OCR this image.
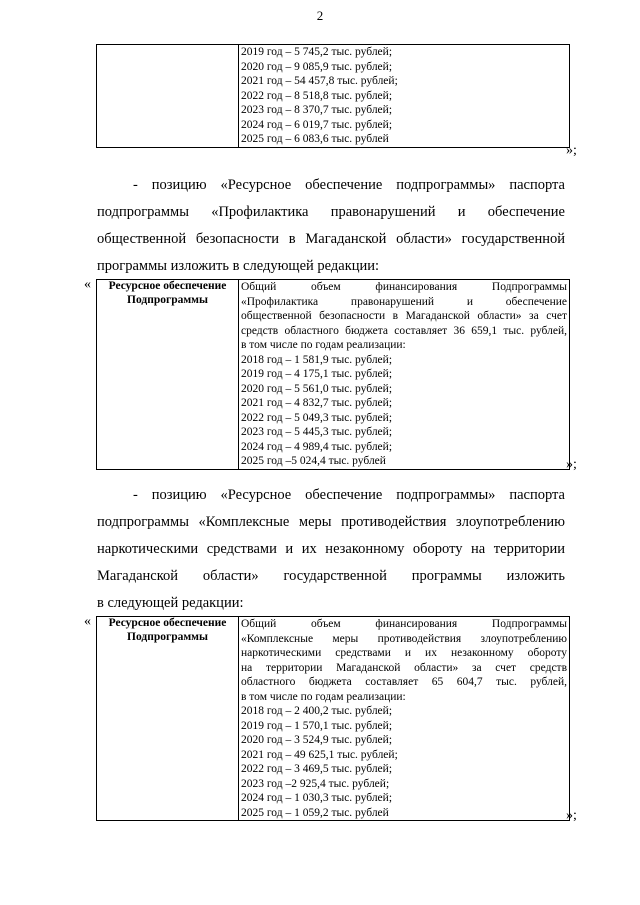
2

2019 год – 5 745,2 тыс. рублей;
2020 год – 9 085,9 тыс. рублей;
2021 год – 54 457,8 тыс. рублей;
2022 год – 8 518,8 тыс. рублей;
2023 год – 8 370,7 тыс. рублей;
2024 год – 6 019,7 тыс. рублей;
2025 год – 6 083,6 тыс. рублей
»;
- позицию «Ресурсное обеспечение подпрограммы» паспорта
подпрограммы «Профилактика правонарушений и обеспечение
общественной безопасности в Магаданской области» государственной
программы изложить в следующей редакции:
«	Ресурсное обеспечение
Подпрограммы

Общий объем финансирования Подпрограммы
«Профилактика правонарушений и обеспечение
общественной безопасности в Магаданской области» за счет
средств областного бюджета составляет 36 659,1 тыс. рублей,
в том числе по годам реализации:
2018 год – 1 581,9 тыс. рублей;
2019 год – 4 175,1 тыс. рублей;
2020 год – 5 561,0 тыс. рублей;
2021 год – 4 832,7 тыс. рублей;
2022 год – 5 049,3 тыс. рублей;
2023 год – 5 445,3 тыс. рублей;
2024 год – 4 989,4 тыс. рублей;
2025 год –5 024,4 тыс. рублей	»;
- позицию «Ресурсное обеспечение подпрограммы» паспорта
подпрограммы «Комплексные меры противодействия злоупотреблению
наркотическими средствами и их незаконному обороту на территории
Магаданской области» государственной программы изложить
в следующей редакции:
«	Ресурсное обеспечение
Подпрограммы

Общий объем финансирования Подпрограммы
«Комплексные меры противодействия злоупотреблению
наркотическими средствами и их незаконному обороту
на территории Магаданской области» за счет средств
областного бюджета составляет 65 604,7 тыс. рублей,
в том числе по годам реализации:
2018 год – 2 400,2 тыс. рублей;
2019 год – 1 570,1 тыс. рублей;
2020 год – 3 524,9 тыс. рублей;
2021 год – 49 625,1 тыс. рублей;
2022 год – 3 469,5 тыс. рублей;
2023 год –2 925,4 тыс. рублей;
2024 год – 1 030,3 тыс. рублей;
2025 год – 1 059,2 тыс. рублей	»;
